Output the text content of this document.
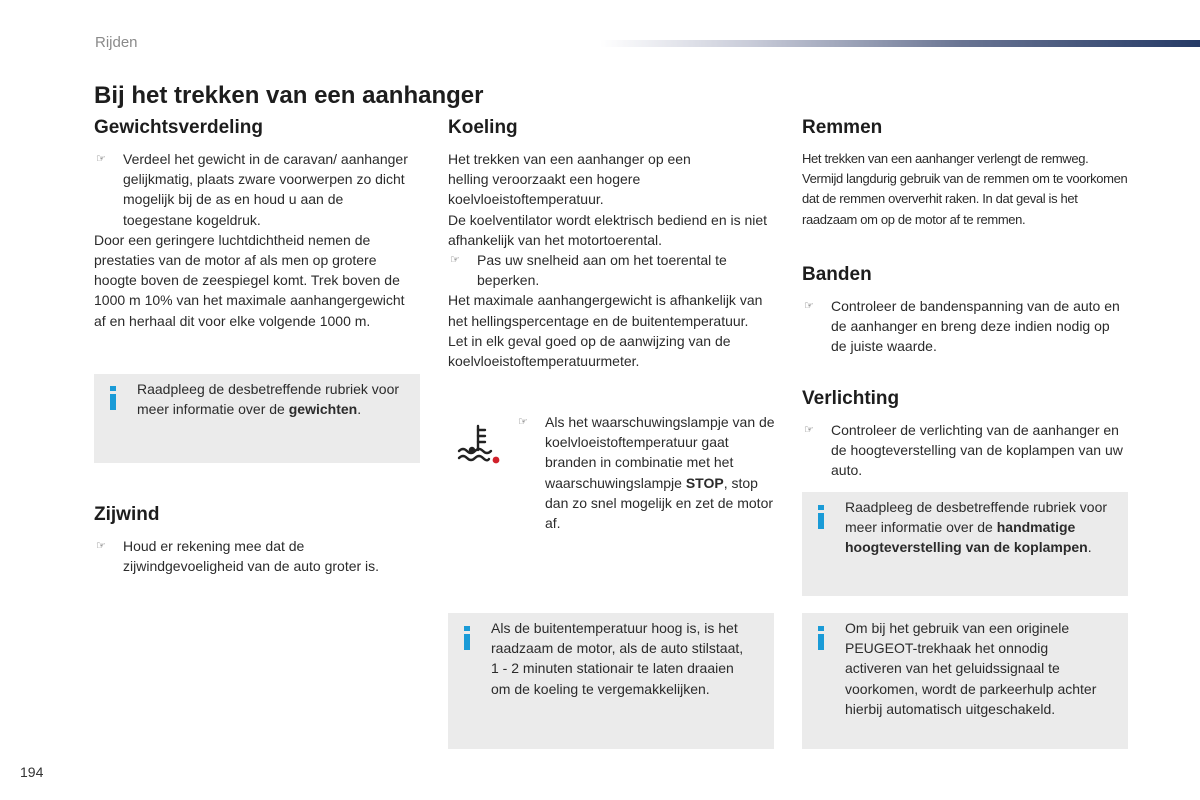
Rijden
Bij het trekken van een aanhanger
Gewichtsverdeling
☞ Verdeel het gewicht in de caravan/ aanhanger gelijkmatig, plaats zware voorwerpen zo dicht mogelijk bij de as en houd u aan de toegestane kogeldruk.
Door een geringere luchtdichtheid nemen de prestaties van de motor af als men op grotere hoogte boven de zeespiegel komt. Trek boven de 1000 m 10% van het maximale aanhangergewicht af en herhaal dit voor elke volgende 1000 m.
Raadpleeg de desbetreffende rubriek voor meer informatie over de gewichten.
Zijwind
☞ Houd er rekening mee dat de zijwindgevoeligheid van de auto groter is.
Koeling
Het trekken van een aanhanger op een helling veroorzaakt een hogere koelvloeistoftemperatuur.
De koelventilator wordt elektrisch bediend en is niet afhankelijk van het motortoerental.
☞ Pas uw snelheid aan om het toerental te beperken.
Het maximale aanhangergewicht is afhankelijk van het hellingspercentage en de buitentemperatuur.
Let in elk geval goed op de aanwijzing van de koelvloeistoftemperatuurmeter.
☞ Als het waarschuwingslampje van de koelvloeistoftemperatuur gaat branden in combinatie met het waarschuwingslampje STOP, stop dan zo snel mogelijk en zet de motor af.
Als de buitentemperatuur hoog is, is het raadzaam de motor, als de auto stilstaat, 1 - 2 minuten stationair te laten draaien om de koeling te vergemakkelijken.
Remmen
Het trekken van een aanhanger verlengt de remweg. Vermijd langdurig gebruik van de remmen om te voorkomen dat de remmen oververhit raken. In dat geval is het raadzaam om op de motor af te remmen.
Banden
☞ Controleer de bandenspanning van de auto en de aanhanger en breng deze indien nodig op de juiste waarde.
Verlichting
☞ Controleer de verlichting van de aanhanger en de hoogteverstelling van de koplampen van uw auto.
Raadpleeg de desbetreffende rubriek voor meer informatie over de handmatige hoogteverstelling van de koplampen.
Om bij het gebruik van een originele PEUGEOT-trekhaak het onnodig activeren van het geluidssignaal te voorkomen, wordt de parkeerhulp achter hierbij automatisch uitgeschakeld.
194
